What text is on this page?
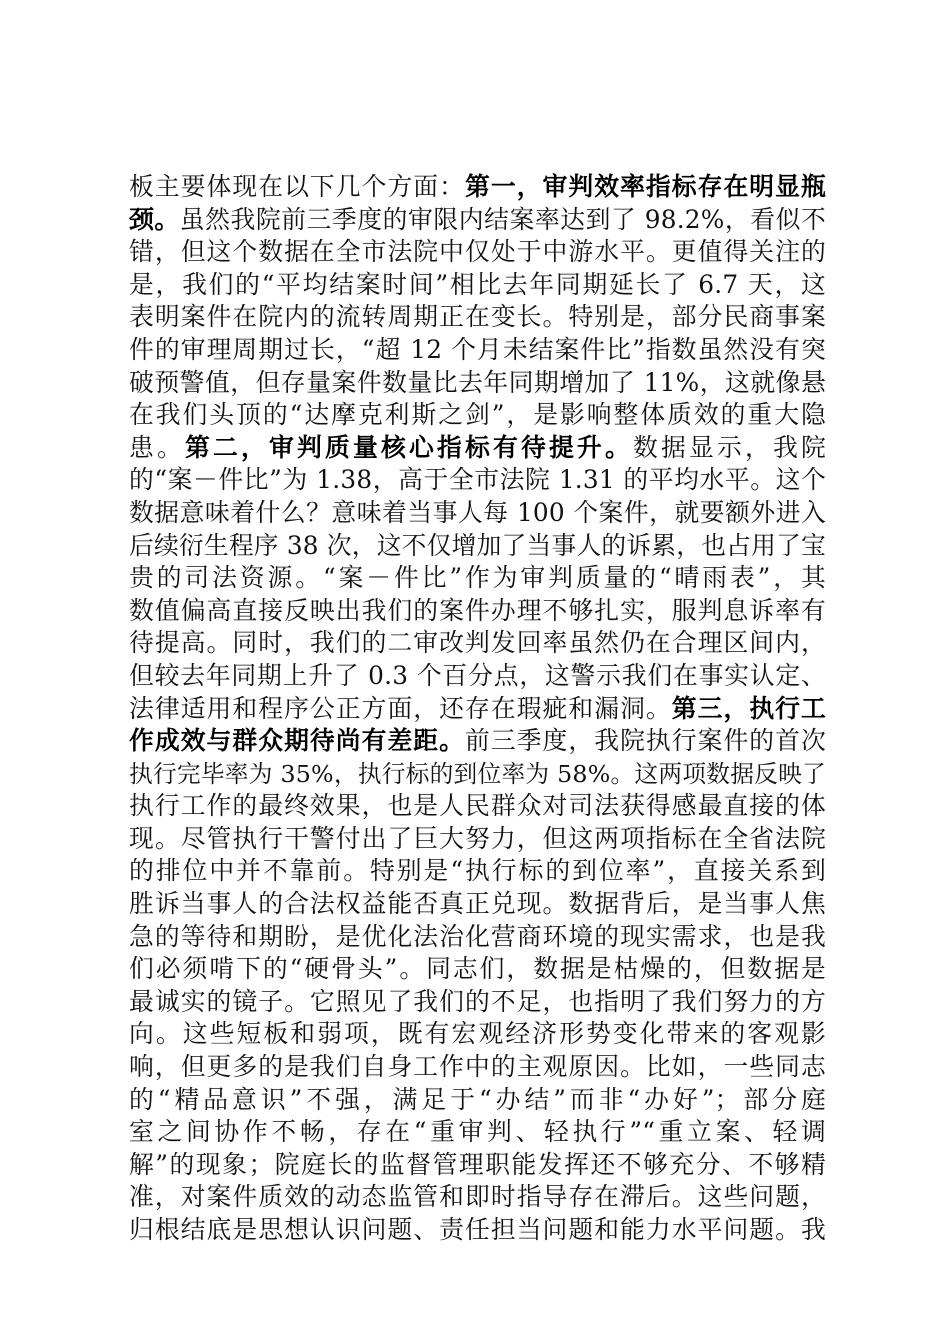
板主要体现在以下几个方面：第一，审判效率指标存在明显瓶
颈。虽然我院前三季度的审限内结案率达到了 98.2%，看似不
错，但这个数据在全市法院中仅处于中游水平。更值得关注的
是，我们的“平均结案时间”相比去年同期延长了 6.7 天，这
表明案件在院内的流转周期正在变长。特别是，部分民商事案
件的审理周期过长，“超 12 个月未结案件比”指数虽然没有突
破预警值，但存量案件数量比去年同期增加了 11%，这就像悬
在我们头顶的“达摩克利斯之剑”，是影响整体质效的重大隐
患。第二，审判质量核心指标有待提升。数据显示，我院
的“案－件比”为 1.38，高于全市法院 1.31 的平均水平。这个
数据意味着什么？意味着当事人每 100 个案件，就要额外进入
后续衍生程序 38 次，这不仅增加了当事人的诉累，也占用了宝
贵的司法资源。“案－件比”作为审判质量的“晴雨表”，其
数值偏高直接反映出我们的案件办理不够扎实，服判息诉率有
待提高。同时，我们的二审改判发回率虽然仍在合理区间内，
但较去年同期上升了 0.3 个百分点，这警示我们在事实认定、
法律适用和程序公正方面，还存在瑕疵和漏洞。第三，执行工
作成效与群众期待尚有差距。前三季度，我院执行案件的首次
执行完毕率为 35%，执行标的到位率为 58%。这两项数据反映了
执行工作的最终效果，也是人民群众对司法获得感最直接的体
现。尽管执行干警付出了巨大努力，但这两项指标在全省法院
的排位中并不靠前。特别是“执行标的到位率”，直接关系到
胜诉当事人的合法权益能否真正兑现。数据背后，是当事人焦
急的等待和期盼，是优化法治化营商环境的现实需求，也是我
们必须啃下的“硬骨头”。同志们，数据是枯燥的，但数据是
最诚实的镜子。它照见了我们的不足，也指明了我们努力的方
向。这些短板和弱项，既有宏观经济形势变化带来的客观影
响，但更多的是我们自身工作中的主观原因。比如，一些同志
的“精品意识”不强，满足于“办结”而非“办好”；部分庭
室之间协作不畅，存在“重审判、轻执行”“重立案、轻调
解”的现象；院庭长的监督管理职能发挥还不够充分、不够精
准，对案件质效的动态监管和即时指导存在滞后。这些问题，
归根结底是思想认识问题、责任担当问题和能力水平问题。我
